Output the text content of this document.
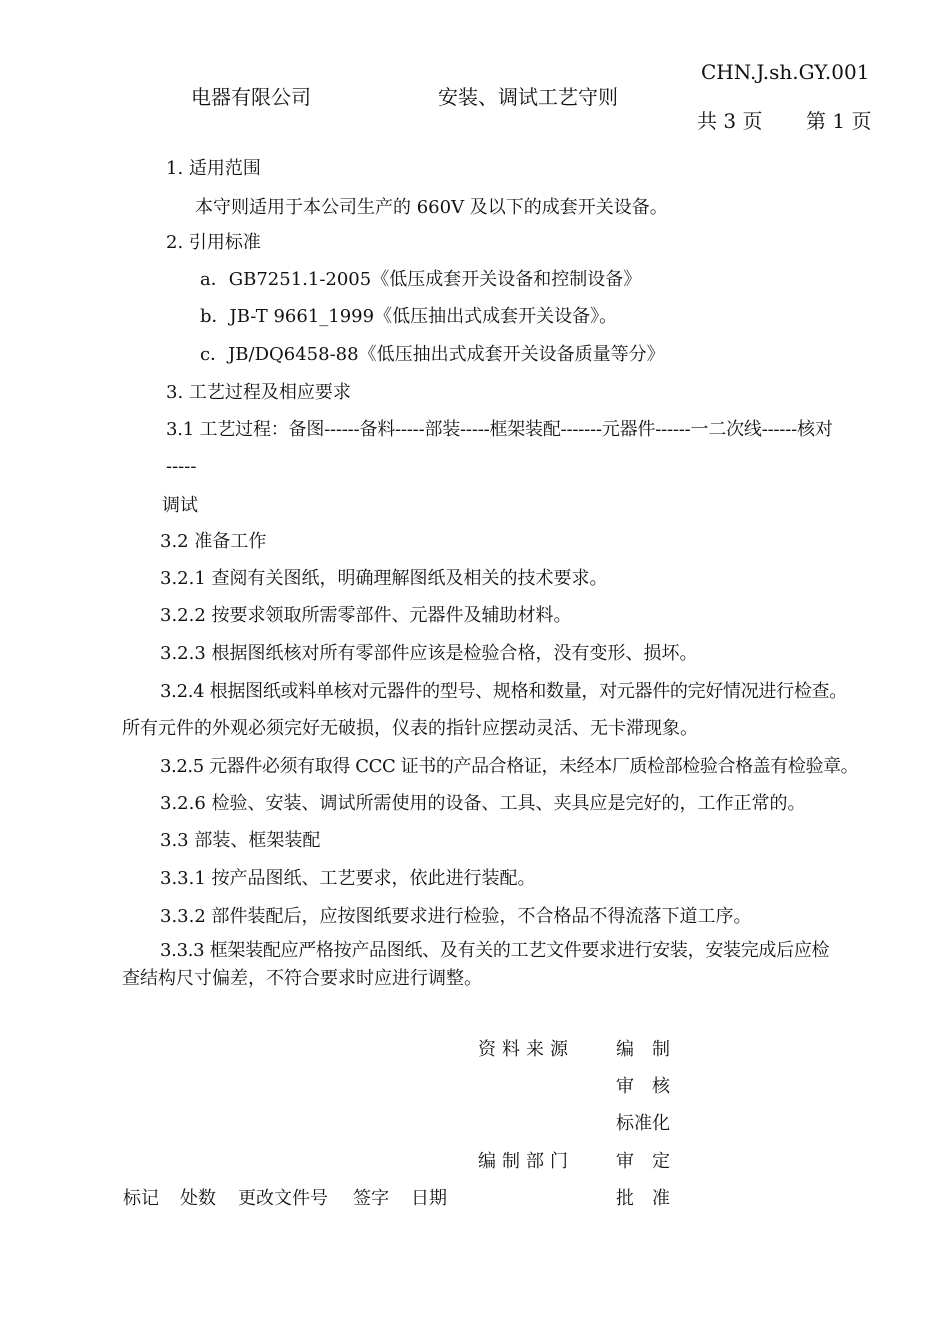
电器有限公司	安装、调试工艺守则
CHN.J.sh.GY.001
共 3 页 第 1 页
1. 适用范围
本守则适用于本公司生产的 660V 及以下的成套开关设备。
2. 引用标准
a．GB7251.1-2005《低压成套开关设备和控制设备》
b．JB-T 9661_1999《低压抽出式成套开关设备》。
c．JB/DQ6458-88《低压抽出式成套开关设备质量等分》
3. 工艺过程及相应要求
3.1 工艺过程：备图------备料-----部装-----框架装配-------元器件------一二次线------核对
-----
调试
3.2 准备工作
3.2.1 查阅有关图纸，明确理解图纸及相关的技术要求。
3.2.2 按要求领取所需零部件、元器件及辅助材料。
3.2.3 根据图纸核对所有零部件应该是检验合格，没有变形、损坏。
3.2.4 根据图纸或料单核对元器件的型号、规格和数量，对元器件的完好情况进行检查。
所有元件的外观必须完好无破损，仪表的指针应摆动灵活、无卡滞现象。
3.2.5 元器件必须有取得 CCC 证书的产品合格证，未经本厂质检部检验合格盖有检验章。
3.2.6 检验、安装、调试所需使用的设备、工具、夹具应是完好的，工作正常的。
3.3 部装、框架装配
3.3.1 按产品图纸、工艺要求，依此进行装配。
3.3.2 部件装配后，应按图纸要求进行检验，不合格品不得流落下道工序。
3.3.3 框架装配应严格按产品图纸、及有关的工艺文件要求进行安装，安装完成后应检
查结构尺寸偏差，不符合要求时应进行调整。
资料来源
编制部门
编　制
审　核
标准化
审　定
批　准
标记 处数 更改文件号 签字 日期
